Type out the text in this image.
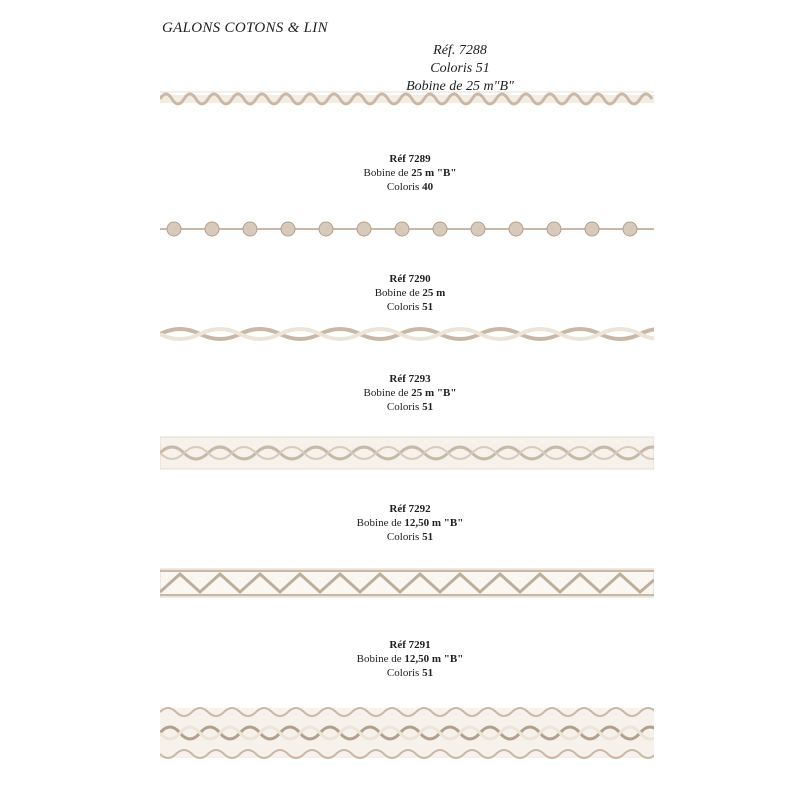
GALONS COTONS & LIN
Réf. 7288
Coloris 51
Bobine de 25 m"B"
Réf 7289
Bobine de 25 m "B"
Coloris 40
Réf 7290
Bobine de 25 m
Coloris 51
Réf 7293
Bobine de 25 m "B"
Coloris 51
Réf 7292
Bobine de 12,50 m "B"
Coloris 51
Réf 7291
Bobine de 12,50 m "B"
Coloris 51
